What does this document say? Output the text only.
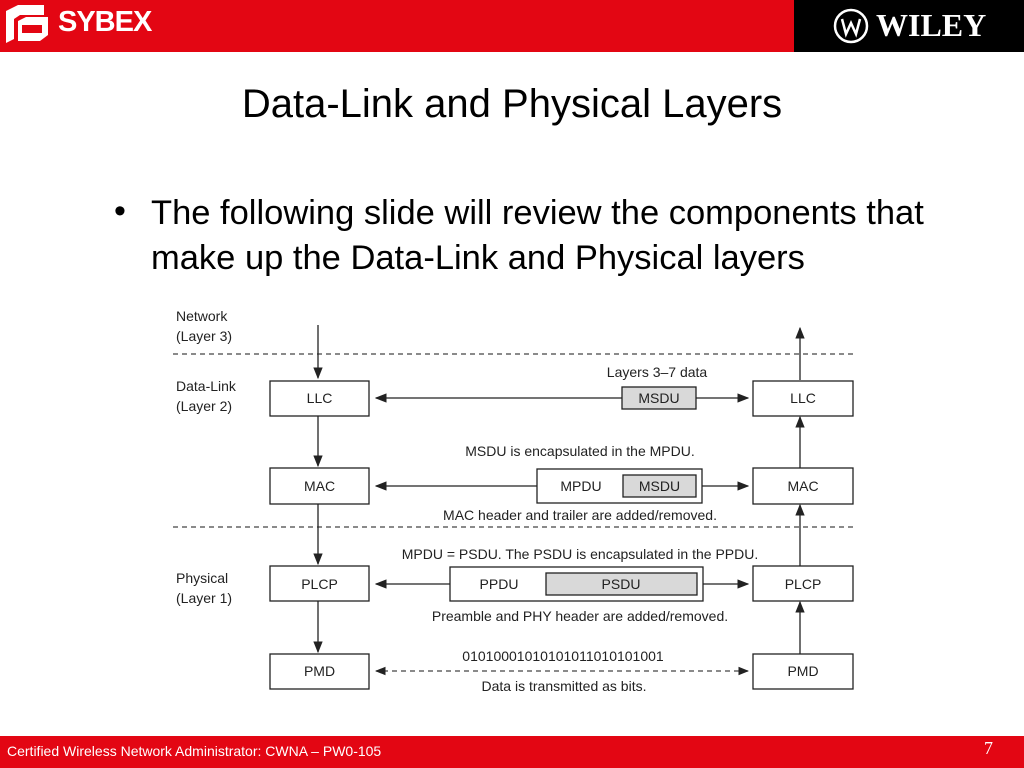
SYBEX	WILEY
Data-Link and Physical Layers
• The following slide will review the components that make up the Data-Link and Physical layers
Network
(Layer 3)
Data-Link
(Layer 2)
Physical
(Layer 1)
LLC	LLC
Layers 3–7 data
MSDU
MSDU is encapsulated in the MPDU.
MAC	MAC
MPDU	MSDU
MAC header and trailer are added/removed.
MPDU = PSDU. The PSDU is encapsulated in the PPDU.
PLCP	PLCP
PPDU	PSDU
Preamble and PHY header are added/removed.
PMD	PMD
01010001010101011010101001
Data is transmitted as bits.
Certified Wireless Network Administrator: CWNA – PW0-105	7
